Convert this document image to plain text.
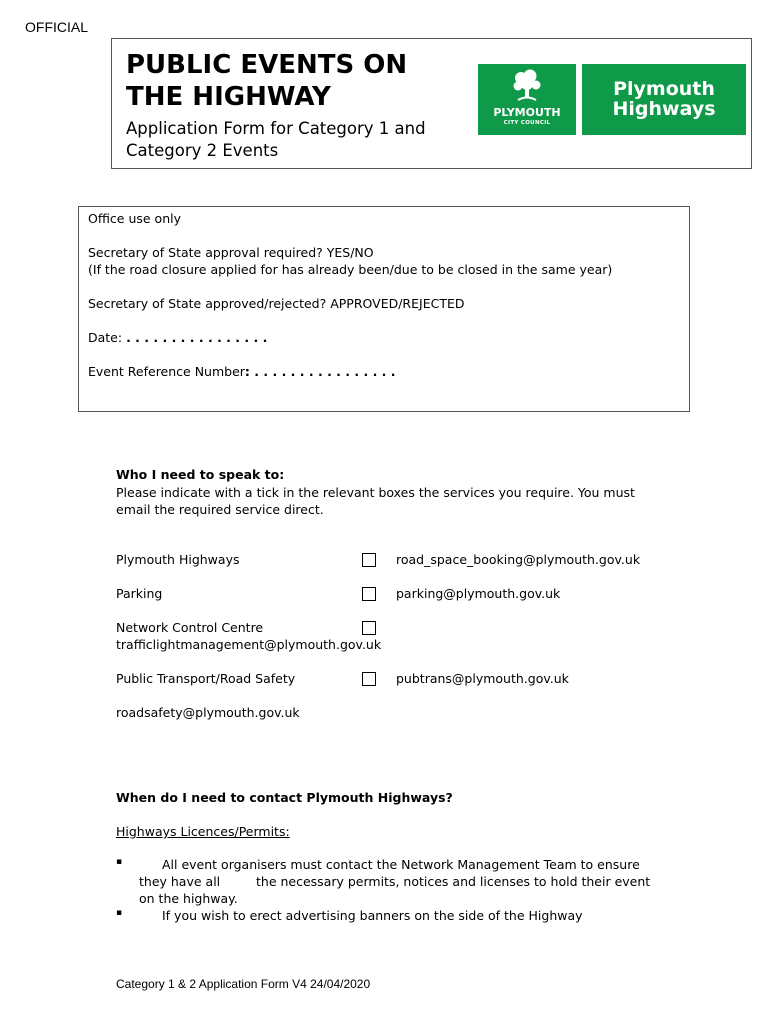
OFFICIAL
PUBLIC EVENTS ON
THE HIGHWAY
Application Form for Category 1 and
Category 2 Events
PLYMOUTH
CITY COUNCIL
Plymouth
Highways
Office use only
Secretary of State approval required? YES/NO
(If the road closure applied for has already been/due to be closed in the same year)
Secretary of State approved/rejected? APPROVED/REJECTED
Date: . . . . . . . . . . . . . . . .
Event Reference Number: . . . . . . . . . . . . . . . .
Who I need to speak to:
Please indicate with a tick in the relevant boxes the services you require. You must
email the required service direct.
Plymouth Highways	road_space_booking@plymouth.gov.uk
Parking	parking@plymouth.gov.uk
Network Control Centre
trafficlightmanagement@plymouth.gov.uk
Public Transport/Road Safety	pubtrans@plymouth.gov.uk
roadsafety@plymouth.gov.uk
When do I need to contact Plymouth Highways?
Highways Licences/Permits:
▪	All event organisers must contact the Network Management Team to ensure
they have all	the necessary permits, notices and licenses to hold their event
on the highway.
▪	If you wish to erect advertising banners on the side of the Highway
Category 1 & 2 Application Form V4 24/04/2020
